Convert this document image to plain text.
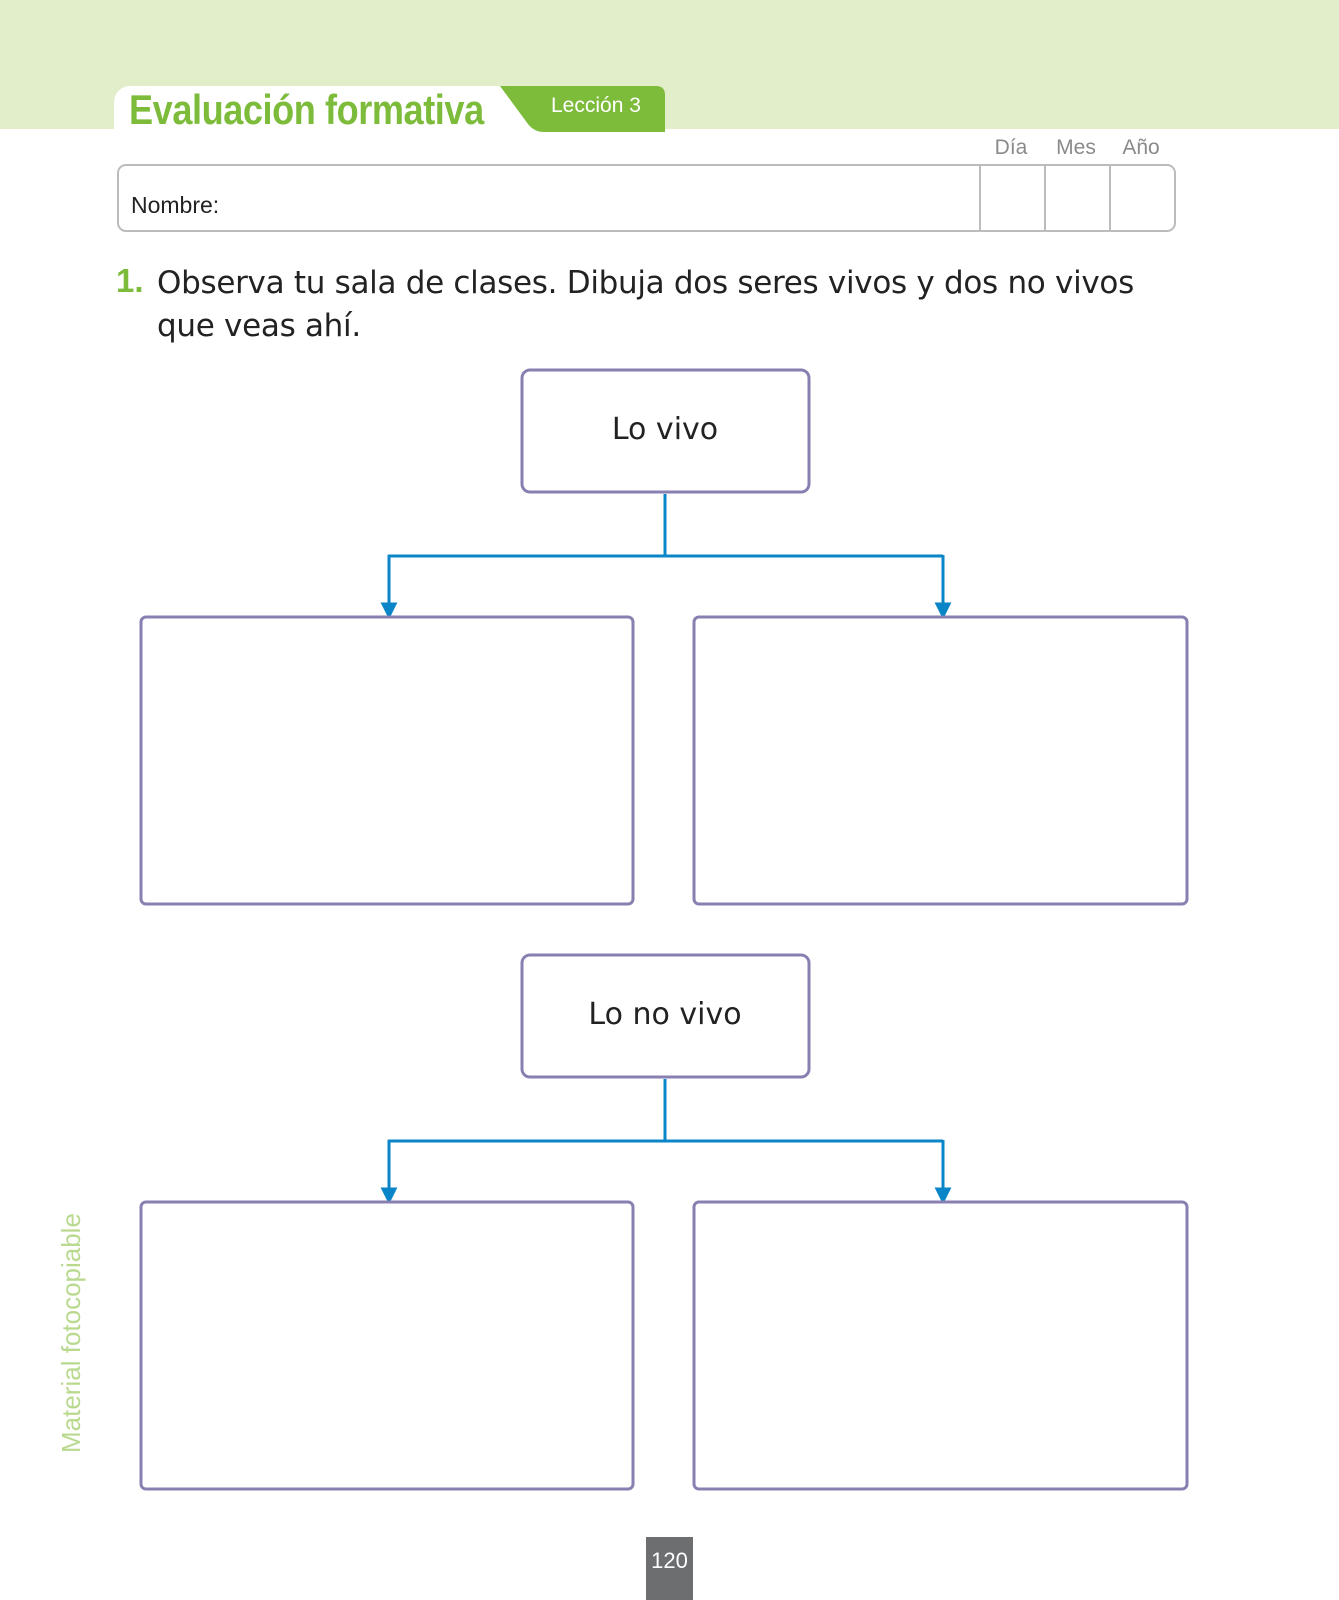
Evaluación formativa	Lección 3
Día	Mes	Año
Nombre:
1. Observa tu sala de clases. Dibuja dos seres vivos y dos no vivos que veas ahí.
Lo vivo
Lo no vivo
Material fotocopiable
120
